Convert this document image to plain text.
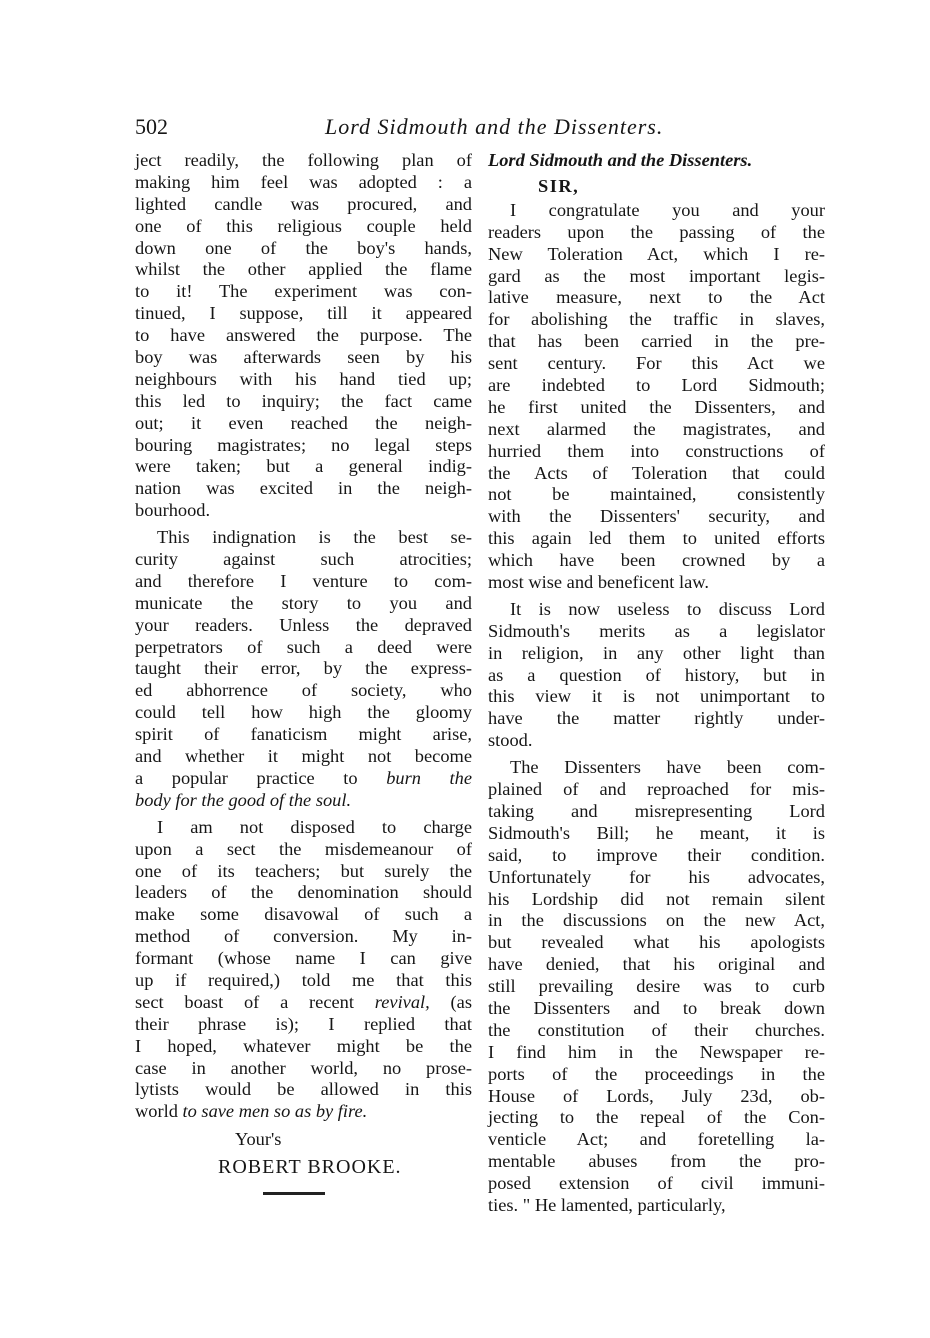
502	Lord Sidmouth and the Dissenters.
ject readily, the following plan of
making him feel was adopted : a
lighted candle was procured, and
one of this religious couple held
down one of the boy's hands,
whilst the other applied the flame
to it! The experiment was con-
tinued, I suppose, till it appeared
to have answered the purpose. The
boy was afterwards seen by his
neighbours with his hand tied up;
this led to inquiry; the fact came
out; it even reached the neigh-
bouring magistrates; no legal steps
were taken; but a general indig-
nation was excited in the neigh-
bourhood.
This indignation is the best se-
curity against such atrocities;
and therefore I venture to com-
municate the story to you and
your readers. Unless the depraved
perpetrators of such a deed were
taught their error, by the express-
ed abhorrence of society, who
could tell how high the gloomy
spirit of fanaticism might arise,
and whether it might not become
a popular practice to burn the
body for the good of the soul.
I am not disposed to charge
upon a sect the misdemeanour of
one of its teachers; but surely the
leaders of the denomination should
make some disavowal of such a
method of conversion. My in-
formant (whose name I can give
up if required,) told me that this
sect boast of a recent revival, (as
their phrase is); I replied that
I hoped, whatever might be the
case in another world, no prose-
lytists would be allowed in this
world to save men so as by fire.
Your's
ROBERT BROOKE.
Lord Sidmouth and the Dissenters.
SIR,
I congratulate you and your
readers upon the passing of the
New Toleration Act, which I re-
gard as the most important legis-
lative measure, next to the Act
for abolishing the traffic in slaves,
that has been carried in the pre-
sent century. For this Act we
are indebted to Lord Sidmouth;
he first united the Dissenters, and
next alarmed the magistrates, and
hurried them into constructions of
the Acts of Toleration that could
not be maintained, consistently
with the Dissenters' security, and
this again led them to united efforts
which have been crowned by a
most wise and beneficent law.
It is now useless to discuss Lord
Sidmouth's merits as a legislator
in religion, in any other light than
as a question of history, but in
this view it is not unimportant to
have the matter rightly under-
stood.
The Dissenters have been com-
plained of and reproached for mis-
taking and misrepresenting Lord
Sidmouth's Bill; he meant, it is
said, to improve their condition.
Unfortunately for his advocates,
his Lordship did not remain silent
in the discussions on the new Act,
but revealed what his apologists
have denied, that his original and
still prevailing desire was to curb
the Dissenters and to break down
the constitution of their churches.
I find him in the Newspaper re-
ports of the proceedings in the
House of Lords, July 23d, ob-
jecting to the repeal of the Con-
venticle Act; and foretelling la-
mentable abuses from the pro-
posed extension of civil immuni-
ties. " He lamented, particularly,
